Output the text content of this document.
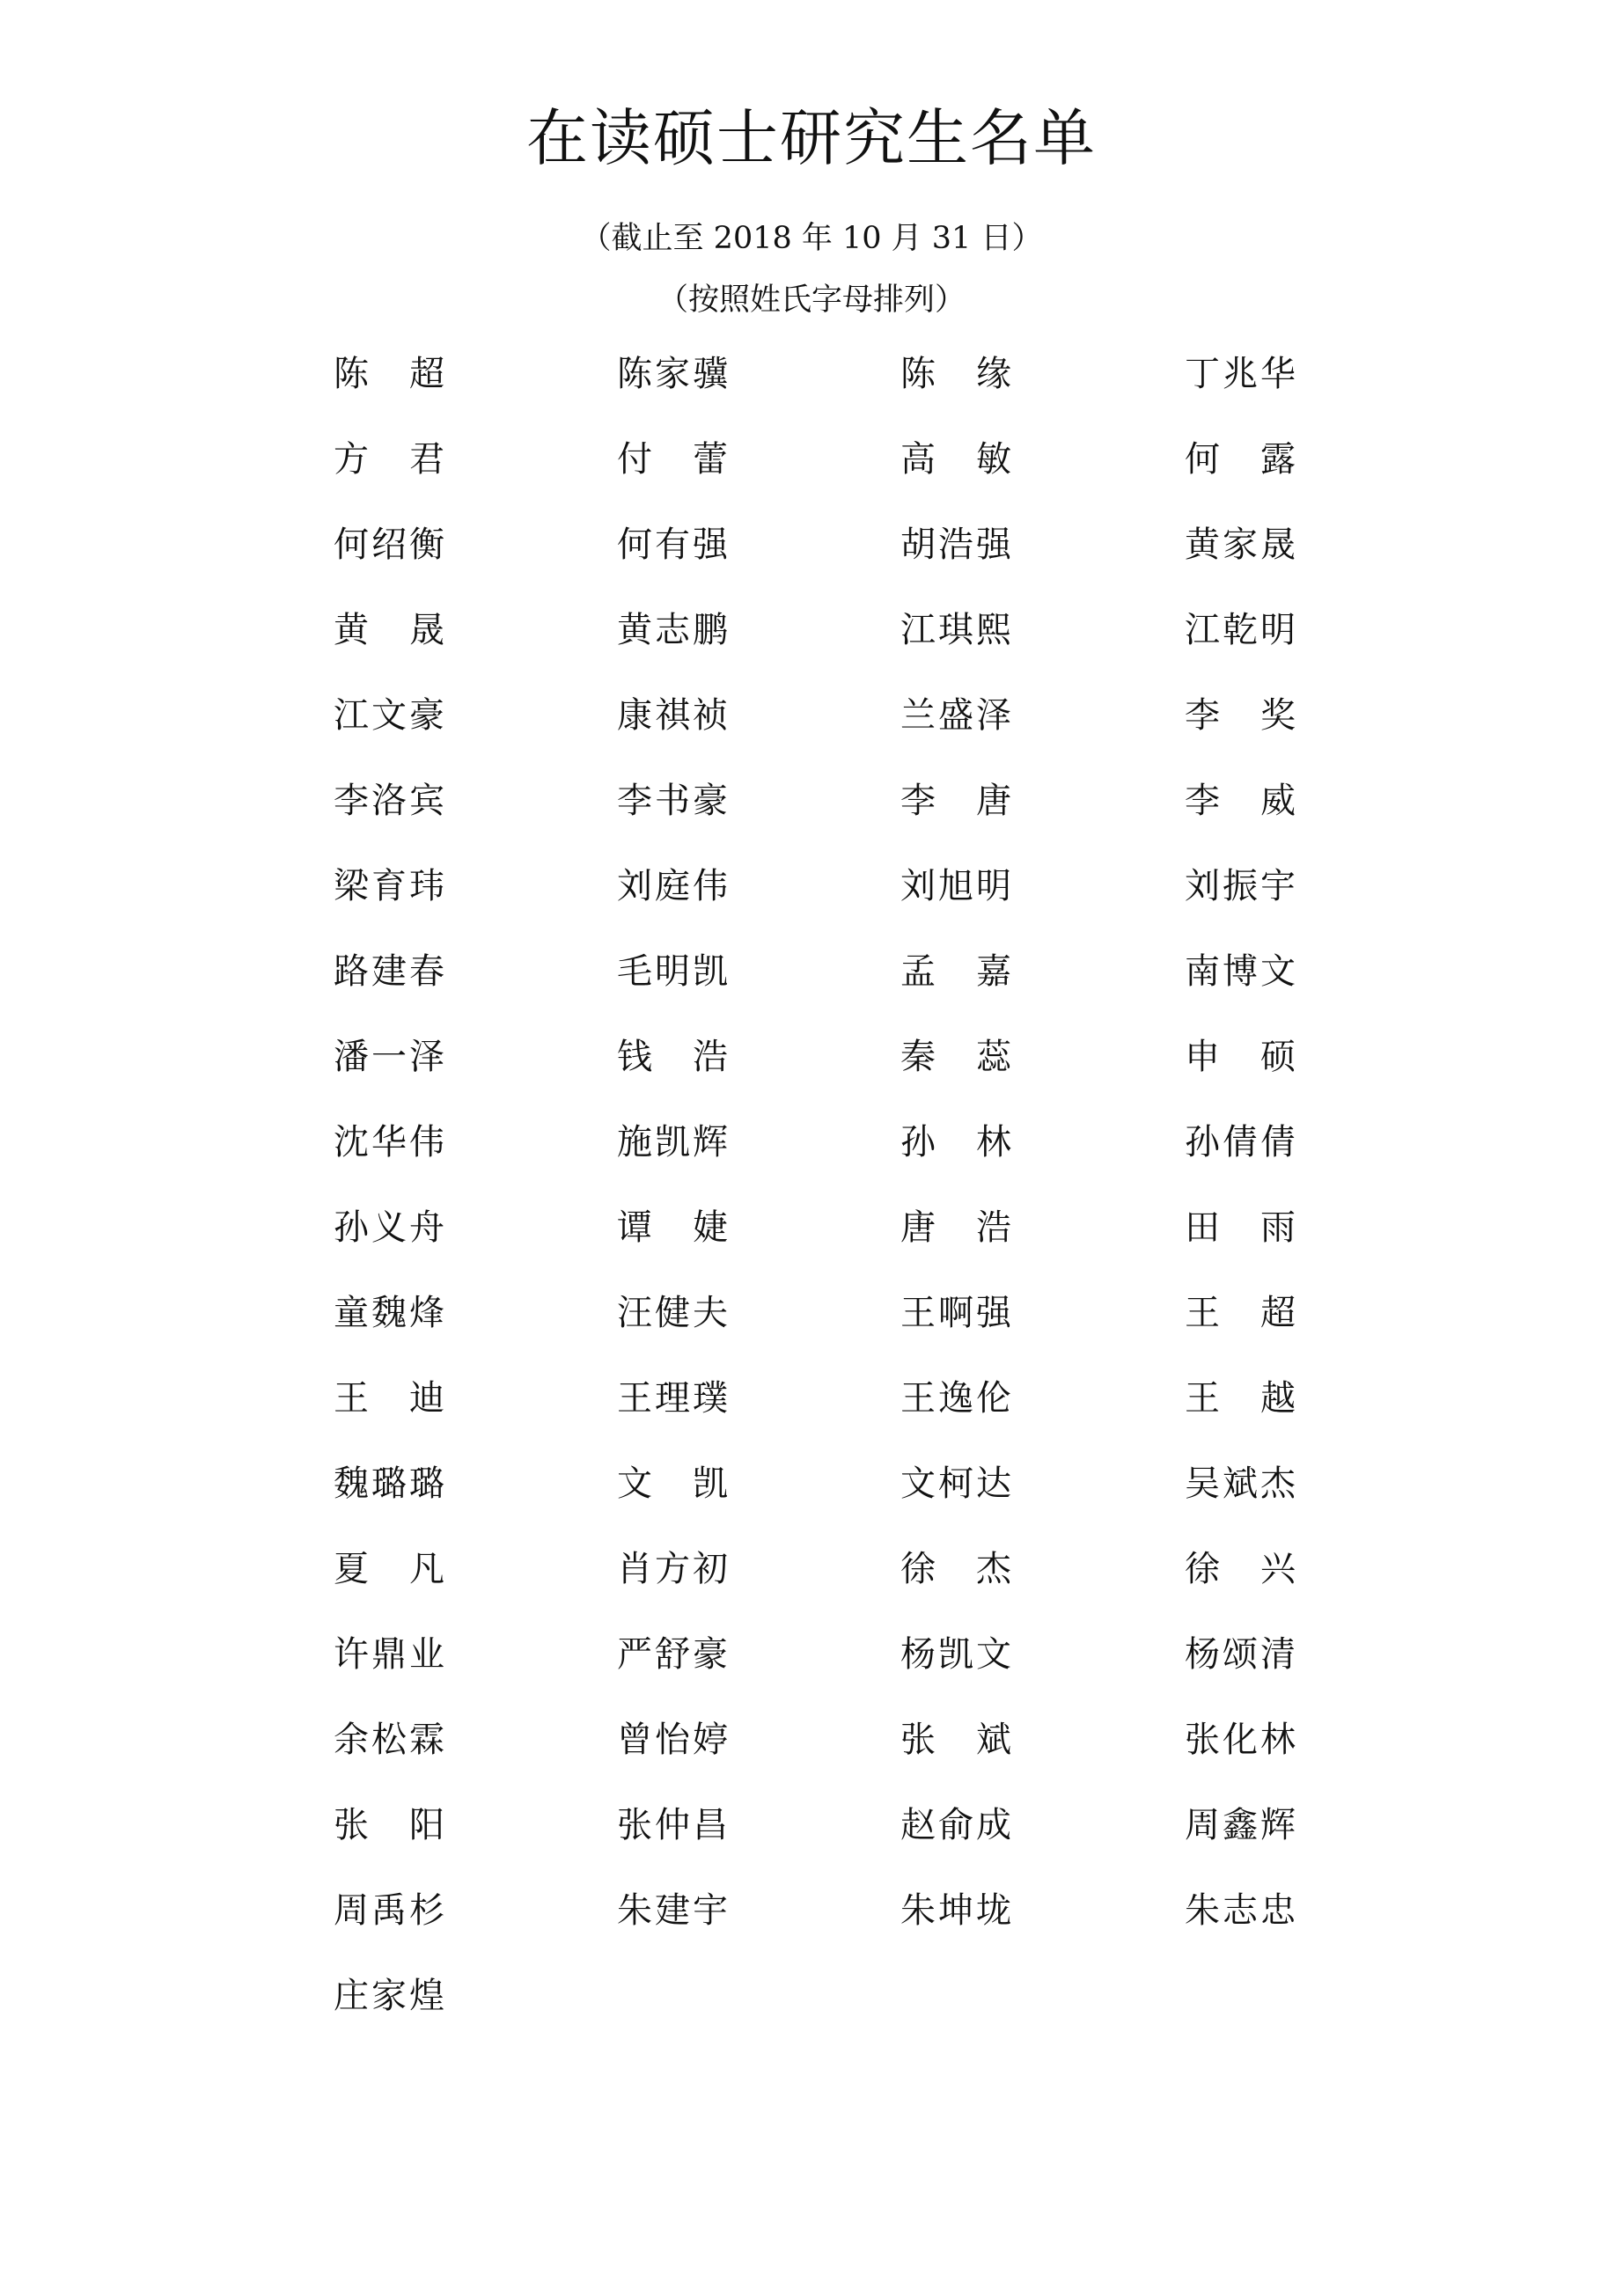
在读硕士研究生名单
（截止至 2018 年 10 月 31 日）
（按照姓氏字母排列）
陈 超	陈 家 骥	陈 缘	丁 兆 华
方 君	付 蕾	高 敏	何 露
何 绍 衡	何 有 强	胡 浩 强	黄 家 晟
黄 晟	黄 志 鹏	江 琪 熙	江 乾 明
江 文 豪	康 祺 祯	兰 盛 泽	李 奖
李 洛 宾	李 书 豪	李 唐	李 威
梁 育 玮	刘 庭 伟	刘 旭 明	刘 振 宇
路 建 春	毛 明 凯	孟 嘉	南 博 文
潘 一 泽	钱 浩	秦 蕊	申 硕
沈 华 伟	施 凯 辉	孙 林	孙 倩 倩
孙 义 舟	谭 婕	唐 浩	田 雨
童 魏 烽	汪 健 夫	王 啊 强	王 超
王 迪	王 理 璞	王 逸 伦	王 越
魏 璐 璐	文 凯	文 柯 达	吴 斌 杰
夏 凡	肖 方 初	徐 杰	徐 兴
许 鼎 业	严 舒 豪	杨 凯 文	杨 颂 清
余 松 霖	曾 怡 婷	张 斌	张 化 林
张 阳	张 仲 昌	赵 俞 成	周 鑫 辉
周 禹 杉	朱 建 宇	朱 坤 垅	朱 志 忠
庄 家 煌
